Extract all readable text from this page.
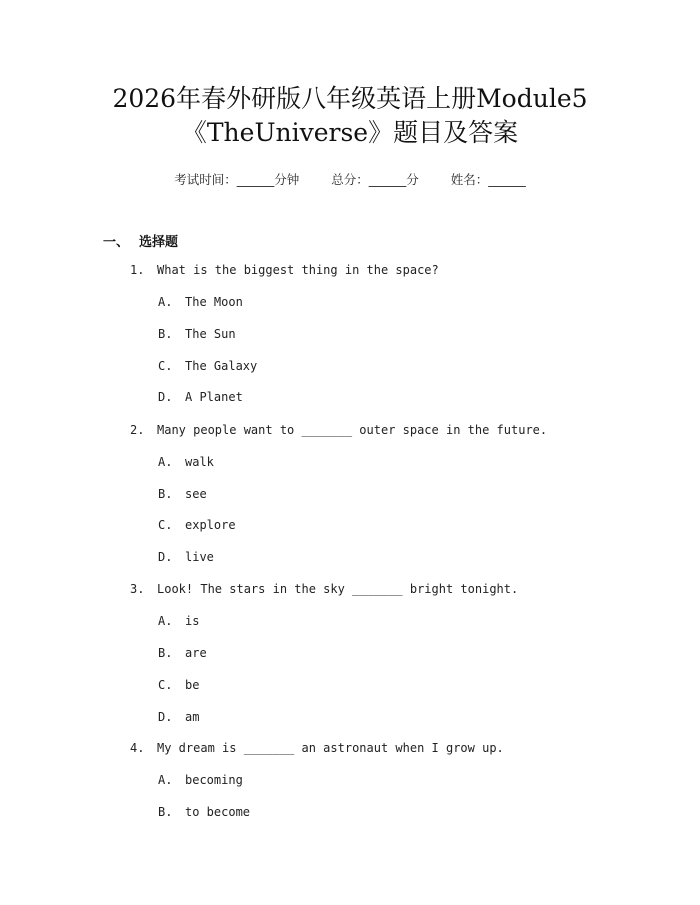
2026年春外研版八年级英语上册Module5
《TheUniverse》题目及答案
考试时间：______分钟	总分：______分	姓名：______
一、 选择题
1. What is the biggest thing in the space?
A. The Moon
B. The Sun
C. The Galaxy
D. A Planet
2. Many people want to _______ outer space in the future.
A. walk
B. see
C. explore
D. live
3. Look! The stars in the sky _______ bright tonight.
A. is
B. are
C. be
D. am
4. My dream is _______ an astronaut when I grow up.
A. becoming
B. to become
